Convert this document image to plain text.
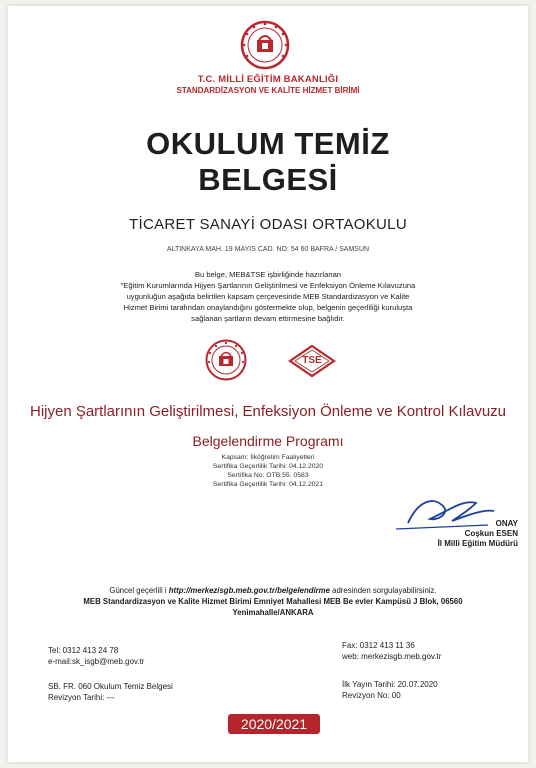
T.C. MİLLİ EĞİTİM BAKANLIĞI
STANDARDİZASYON VE KALİTE HİZMET BİRİMİ
OKULUM TEMİZ
BELGESİ
TİCARET SANAYİ ODASI ORTAOKULU
ALTINKAYA MAH. 19 MAYIS CAD. NO: 54 60 BAFRA / SAMSUN
Bu belge, MEB&TSE işbirliğinde hazırlanan
"Eğitim Kurumlarında Hijyen Şartlarının Geliştirilmesi ve Enfeksiyon Önleme Kılavuzuna
uygunluğun aşağıda belirtilen kapsam çerçevesinde MEB Standardizasyon ve Kalite
Hizmet Birimi tarafından onaylandığını göstermekte olup, belgenin geçerliliği kuruluşta
sağlanan şartların devam ettirmesine bağlıdır.
TSE
Hijyen Şartlarının Geliştirilmesi, Enfeksiyon Önleme ve Kontrol Kılavuzu
Belgelendirme Programı
Kapsam: İlköğretim Faaliyetleri
Sertifika Geçerlilik Tarihi: 04.12.2020
Sertifika No: OTB.55. 0583
Sertifika Geçerlilik Tarihi: 04.12.2021
ONAY
Coşkun ESEN
İl Milli Eğitim Müdürü
Güncel geçerlili i http://merkezisgb.meb.gov.tr/belgelendirme adresinden sorgulayabilirsiniz.
MEB Standardizasyon ve Kalite Hizmet Birimi Emniyet Mahallesi MEB Be evler Kampüsü J Blok, 06560
Yenimahalle/ANKARA
Tel: 0312 413 24 78
e-mail:sk_isgb@meb.gov.tr
Fax: 0312 413 11 36
web: merkezisgb.meb.gov.tr
SB. FR. 060 Okulum Temiz Belgesi
Revizyon Tarihi: ---
İlk Yayın Tarihi: 20.07.2020
Revizyon No: 00
2020/2021
